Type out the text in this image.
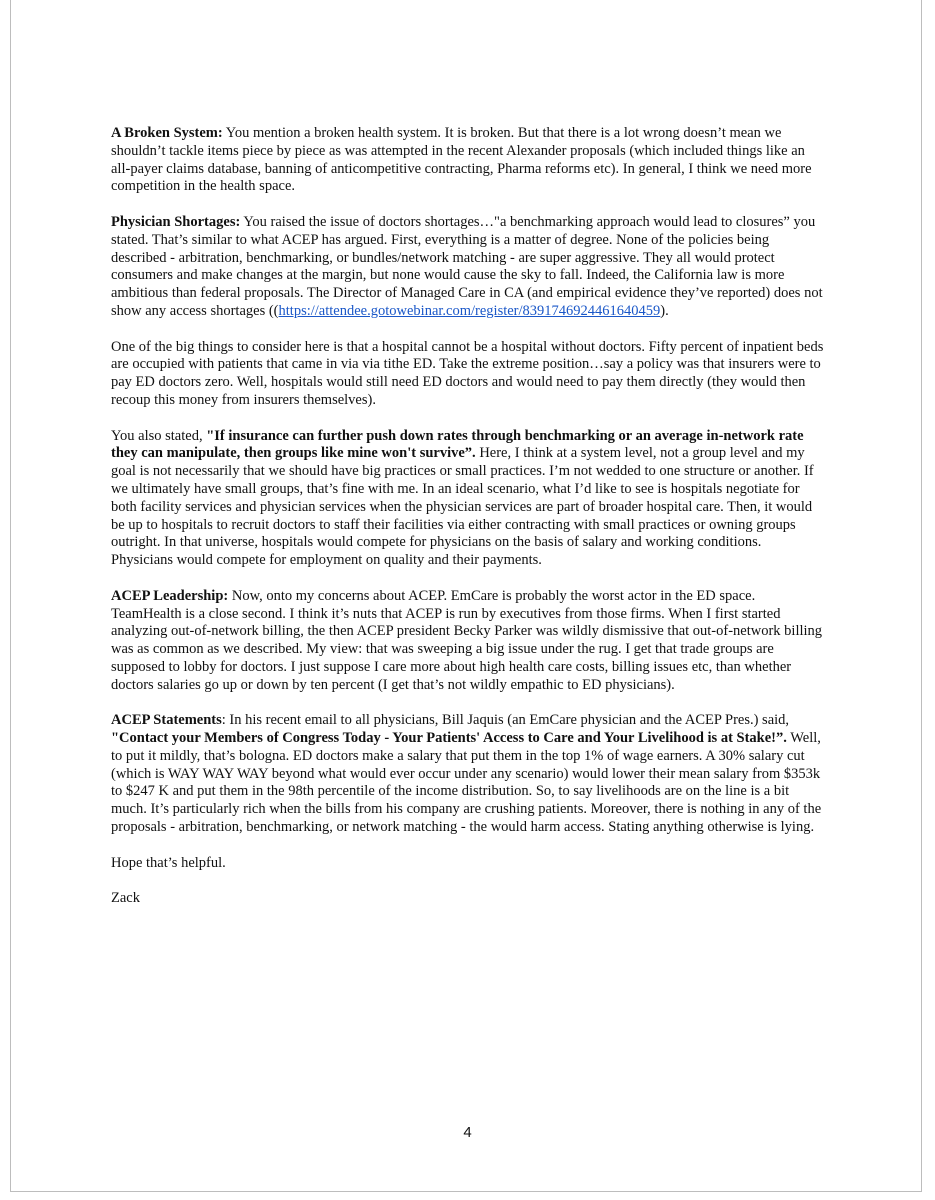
A Broken System: You mention a broken health system. It is broken. But that there is a lot wrong doesn’t mean we shouldn’t tackle items piece by piece as was attempted in the recent Alexander proposals (which included things like an all-payer claims database, banning of anticompetitive contracting, Pharma reforms etc). In general, I think we need more competition in the health space.

Physician Shortages: You raised the issue of doctors shortages…"a benchmarking approach would lead to closures” you stated. That’s similar to what ACEP has argued. First, everything is a matter of degree. None of the policies being described - arbitration, benchmarking, or bundles/network matching - are super aggressive. They all would protect consumers and make changes at the margin, but none would cause the sky to fall. Indeed, the California law is more ambitious than federal proposals. The Director of Managed Care in CA (and empirical evidence they’ve reported) does not show any access shortages ((https://attendee.gotowebinar.com/register/8391746924461640459).

One of the big things to consider here is that a hospital cannot be a hospital without doctors. Fifty percent of inpatient beds are occupied with patients that came in via via tithe ED. Take the extreme position…say a policy was that insurers were to pay ED doctors zero. Well, hospitals would still need ED doctors and would need to pay them directly (they would then recoup this money from insurers themselves).

You also stated, "If insurance can further push down rates through benchmarking or an average in-network rate they can manipulate, then groups like mine won't survive”. Here, I think at a system level, not a group level and my goal is not necessarily that we should have big practices or small practices. I’m not wedded to one structure or another. If we ultimately have small groups, that’s fine with me. In an ideal scenario, what I’d like to see is hospitals negotiate for both facility services and physician services when the physician services are part of broader hospital care. Then, it would be up to hospitals to recruit doctors to staff their facilities via either contracting with small practices or owning groups outright. In that universe, hospitals would compete for physicians on the basis of salary and working conditions. Physicians would compete for employment on quality and their payments.

ACEP Leadership: Now, onto my concerns about ACEP. EmCare is probably the worst actor in the ED space. TeamHealth is a close second. I think it’s nuts that ACEP is run by executives from those firms. When I first started analyzing out-of-network billing, the then ACEP president Becky Parker was wildly dismissive that out-of-network billing was as common as we described. My view: that was sweeping a big issue under the rug. I get that trade groups are supposed to lobby for doctors. I just suppose I care more about high health care costs, billing issues etc, than whether doctors salaries go up or down by ten percent (I get that’s not wildly empathic to ED physicians).

ACEP Statements: In his recent email to all physicians, Bill Jaquis (an EmCare physician and the ACEP Pres.) said, "Contact your Members of Congress Today - Your Patients' Access to Care and Your Livelihood is at Stake!”. Well, to put it mildly, that’s bologna. ED doctors make a salary that put them in the top 1% of wage earners. A 30% salary cut (which is WAY WAY WAY beyond what would ever occur under any scenario) would lower their mean salary from $353k to $247 K and put them in the 98th percentile of the income distribution. So, to say livelihoods are on the line is a bit much. It’s particularly rich when the bills from his company are crushing patients. Moreover, there is nothing in any of the proposals - arbitration, benchmarking, or network matching - the would harm access. Stating anything otherwise is lying.

Hope that’s helpful.

Zack

4
